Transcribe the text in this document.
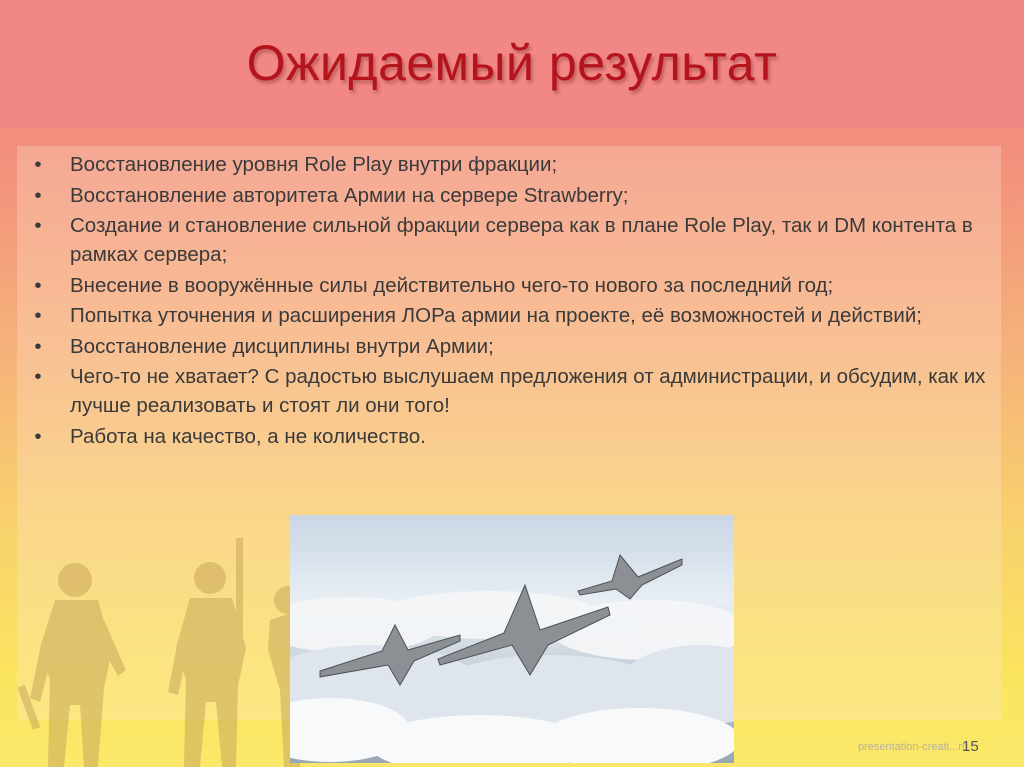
Ожидаемый результат
•	Восстановление уровня Role Play внутри фракции;
•	Восстановление авторитета Армии на сервере Strawberry;
•	Создание и становление сильной фракции сервера как в плане Role Play, так и DM контента в рамках сервера;
•	Внесение в вооружённые силы действительно чего-то нового за последний год;
•	Попытка уточнения и расширения ЛОРа армии на проекте, её возможностей и действий;
•	Восстановление дисциплины внутри Армии;
•	Чего-то не хватает? С радостью выслушаем предложения от администрации, и обсудим, как их лучше реализовать и стоят ли они того!
•	Работа на качество, а не количество.
presentation-creati...ru
15
